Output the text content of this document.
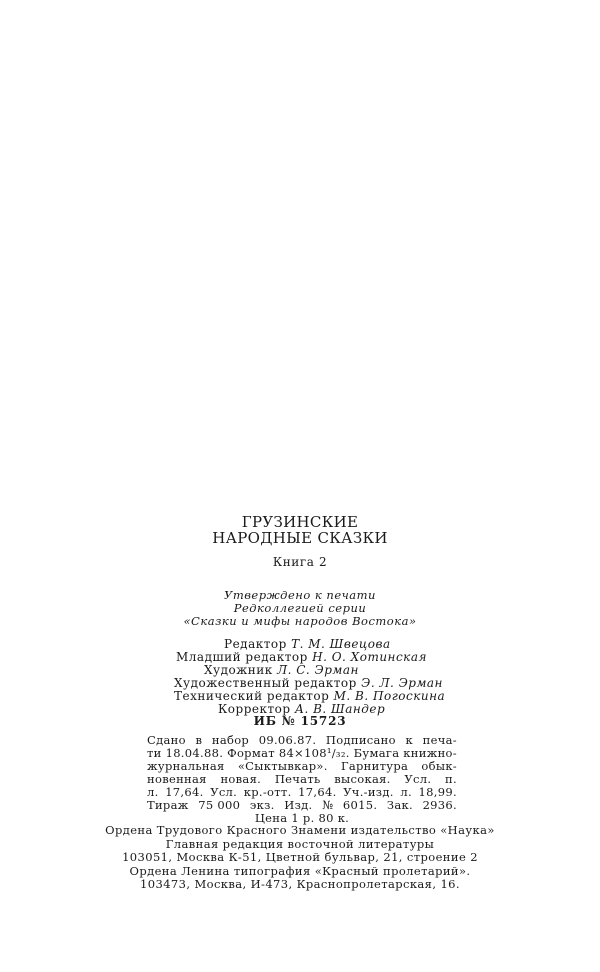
ГРУЗИНСКИЕ
НАРОДНЫЕ СКАЗКИ
Книга 2
Утверждено к печати
Редколлегией серии
«Сказки и мифы народов Востока»
Редактор Т. М. Швецова
Младший редактор Н. О. Хотинская
Художник Л. С. Эрман
Художественный редактор Э. Л. Эрман
Технический редактор М. В. Погоскина
Корректор А. В. Шандер
ИБ № 15723
Сдано в набор 09.06.87. Подписано к печа-
ти 18.04.88. Формат 84×108¹/₃₂. Бумага книжно-
журнальная «Сыктывкар». Гарнитура обык-
новенная новая. Печать высокая. Усл. п.
л. 17,64. Усл. кр.-отт. 17,64. Уч.-изд. л. 18,99.
Тираж 75 000 экз. Изд. № 6015. Зак. 2936.
Цена 1 р. 80 к.
Ордена Трудового Красного Знамени издательство «Наука»
Главная редакция восточной литературы
103051, Москва К-51, Цветной бульвар, 21, строение 2
Ордена Ленина типография «Красный пролетарий».
103473, Москва, И-473, Краснопролетарская, 16.
